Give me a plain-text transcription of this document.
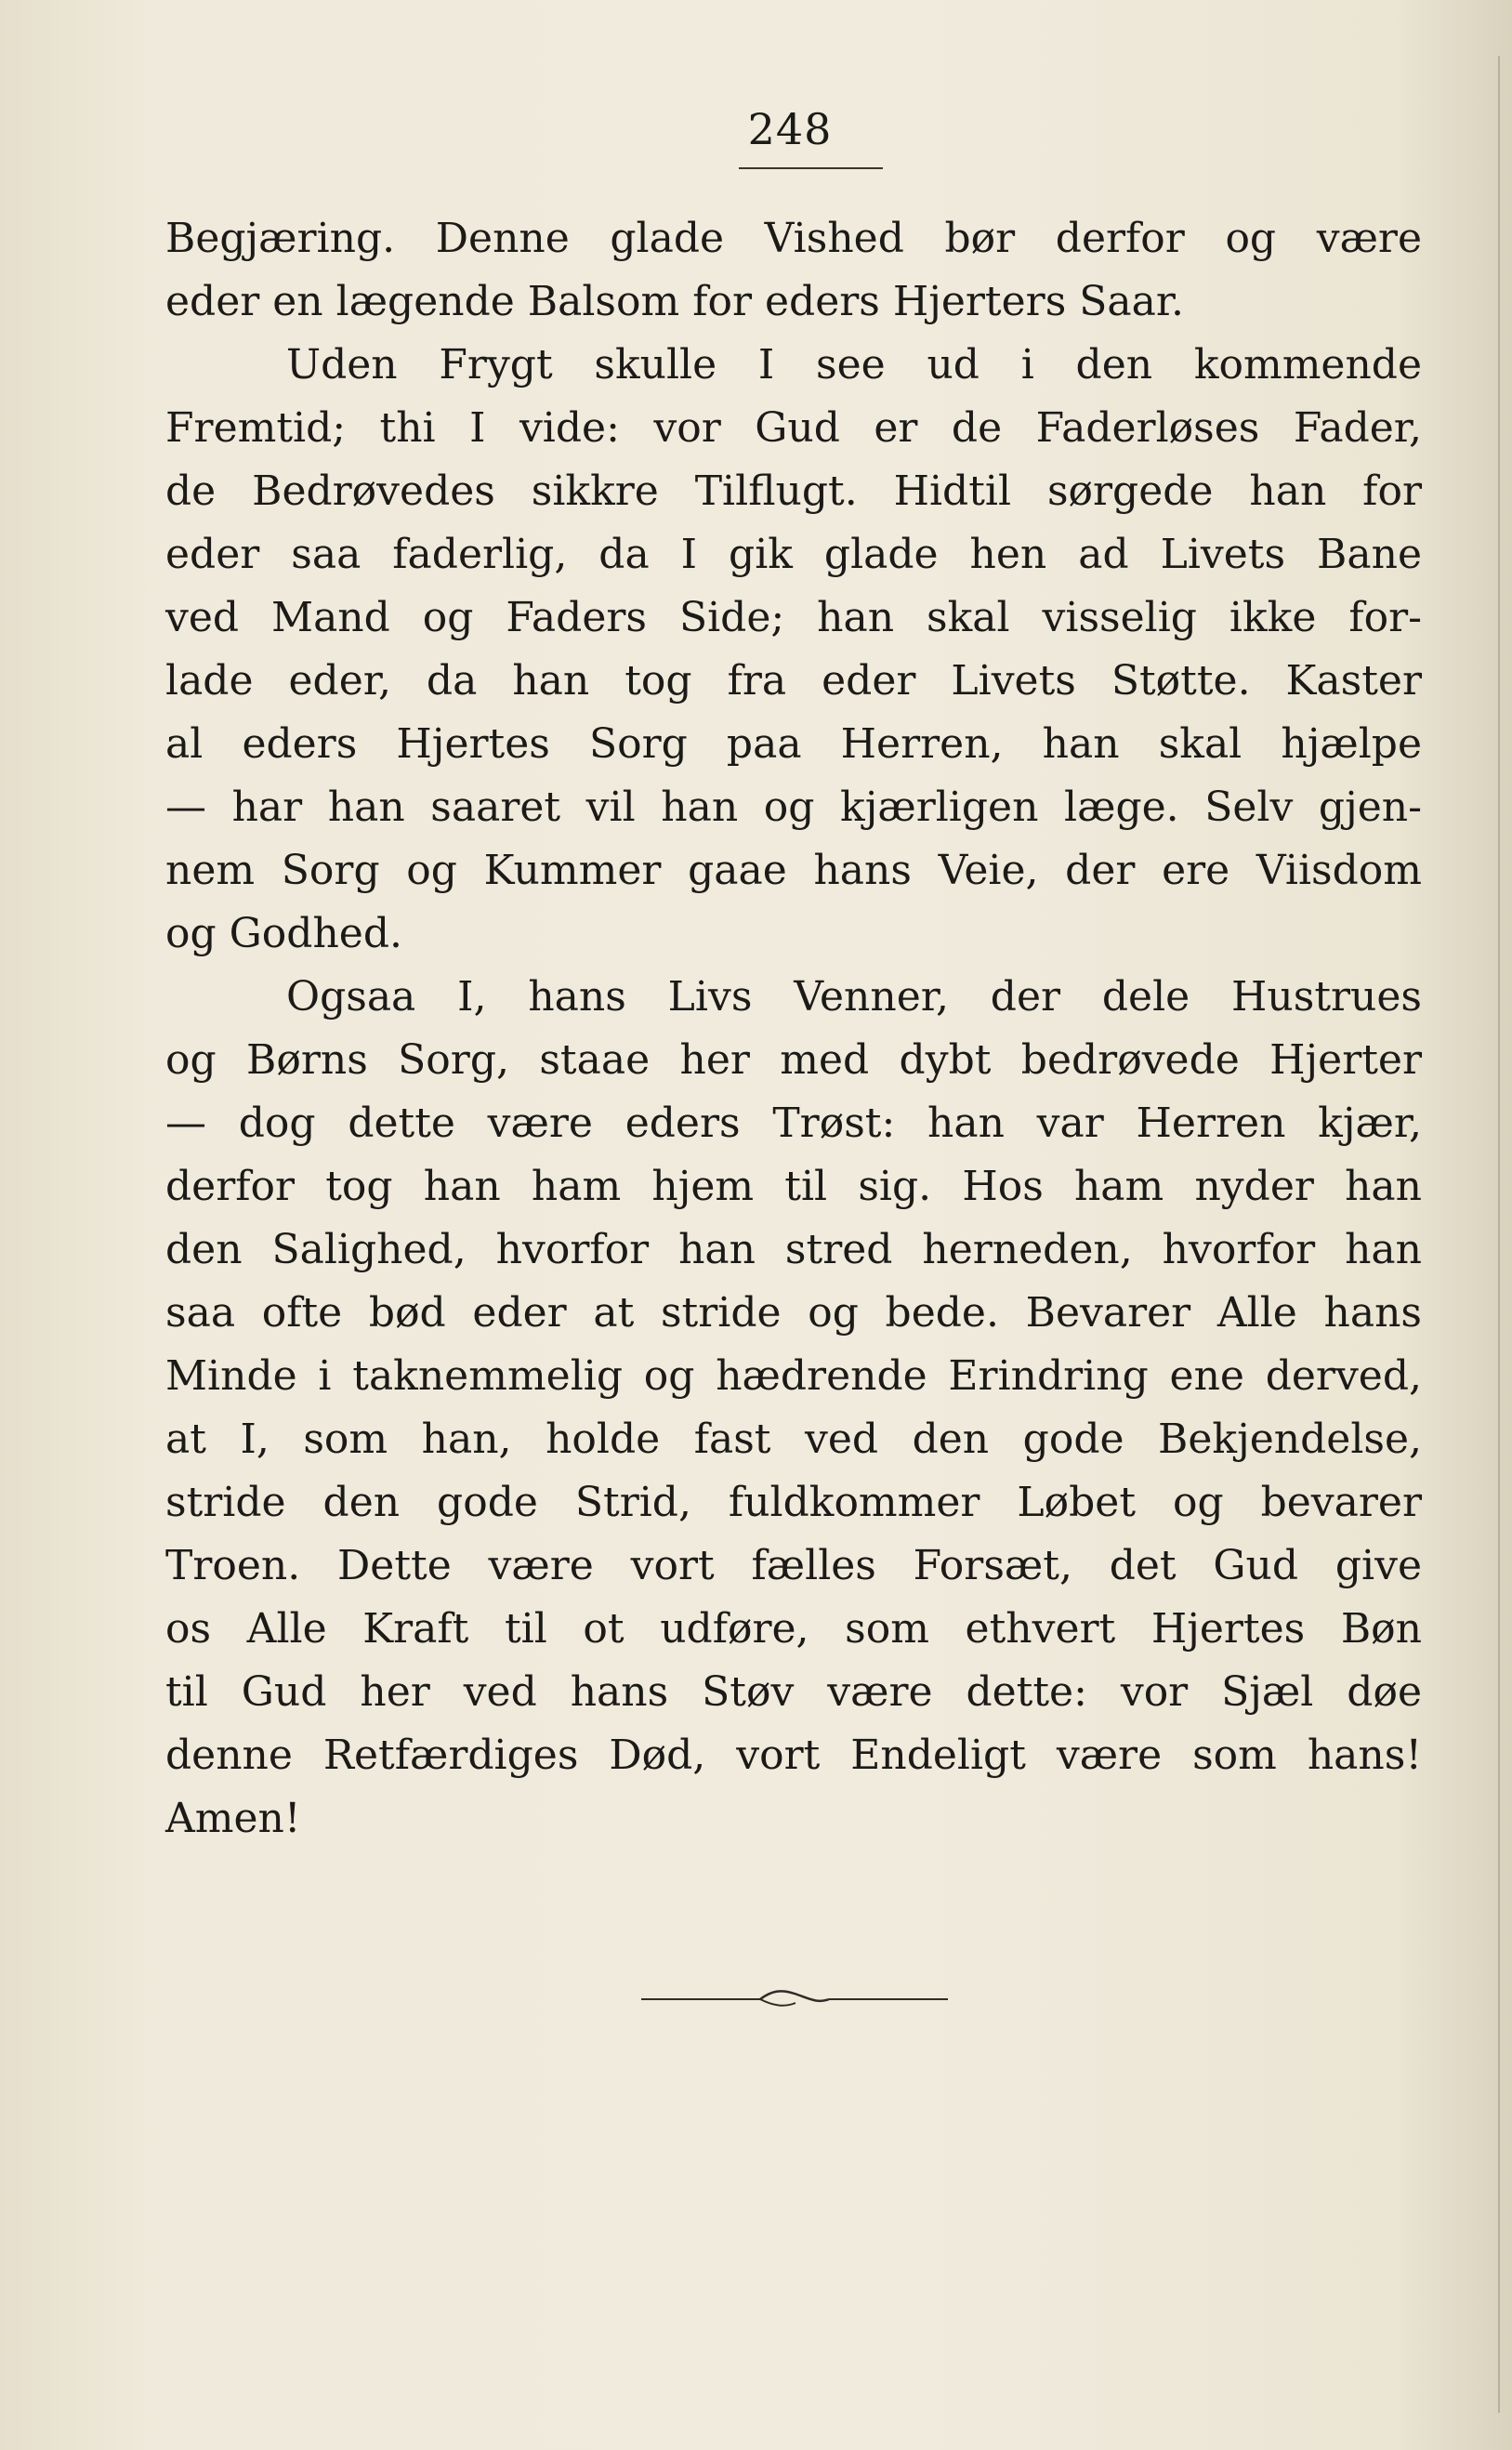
248
Begjæring. Denne glade Vished bør derfor og være
eder en lægende Balsom for eders Hjerters Saar.
Uden Frygt skulle I see ud i den kommende
Fremtid; thi I vide: vor Gud er de Faderløses Fader,
de Bedrøvedes sikkre Tilflugt. Hidtil sørgede han for
eder saa faderlig, da I gik glade hen ad Livets Bane
ved Mand og Faders Side; han skal visselig ikke for-
lade eder, da han tog fra eder Livets Støtte. Kaster
al eders Hjertes Sorg paa Herren, han skal hjælpe
— har han saaret vil han og kjærligen læge. Selv gjen-
nem Sorg og Kummer gaae hans Veie, der ere Viisdom
og Godhed.
Ogsaa I, hans Livs Venner, der dele Hustrues
og Børns Sorg, staae her med dybt bedrøvede Hjerter
— dog dette være eders Trøst: han var Herren kjær,
derfor tog han ham hjem til sig. Hos ham nyder han
den Salighed, hvorfor han stred herneden, hvorfor han
saa ofte bød eder at stride og bede. Bevarer Alle hans
Minde i taknemmelig og hædrende Erindring ene derved,
at I, som han, holde fast ved den gode Bekjendelse,
stride den gode Strid, fuldkommer Løbet og bevarer
Troen. Dette være vort fælles Forsæt, det Gud give
os Alle Kraft til ot udføre, som ethvert Hjertes Bøn
til Gud her ved hans Støv være dette: vor Sjæl døe
denne Retfærdiges Død, vort Endeligt være som hans!
Amen!
